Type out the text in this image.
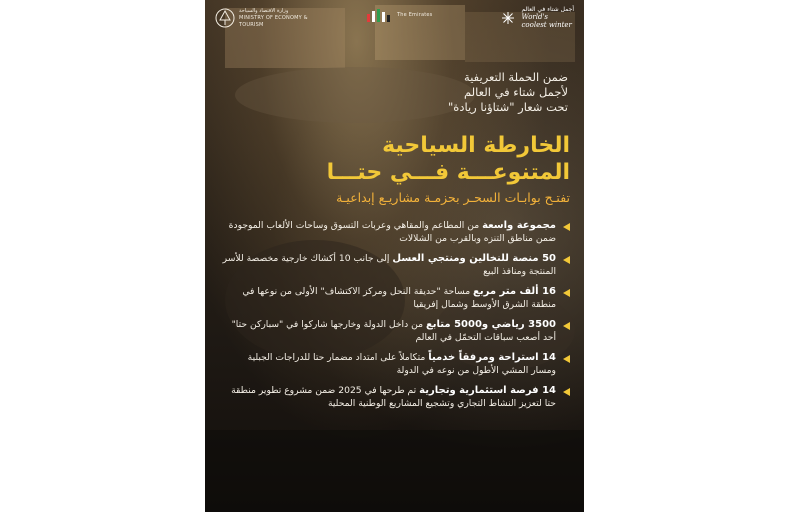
وزارة الاقتصاد والسياحة
MINISTRY OF ECONOMY & TOURISM
The Emirates
أجمل شتاء في العالم
World's
coolest winter
ضمن الحملة التعريفية
لأجمل شتاء في العالم
تحت شعار "شتاؤنا ريادة"
الخارطة السياحية
المتنوعـــة فـــي حتـــا
تفتـح بوابـات السحـر بحزمـة مشاريـع إبداعيـة
مجموعة واسعة من المطاعم والمقاهي وعربات التسوق وساحات الألعاب الموجودة ضمن مناطق التنزه وبالقرب من الشلالات
50 منصة للنخالين ومنتجي العسل إلى جانب 10 أكشاك خارجية مخصصة للأسر المنتجة ومنافذ البيع
16 ألف متر مربع مساحة "حديقة النحل ومركز الاكتشاف" الأولى من نوعها في منطقة الشرق الأوسط وشمال إفريقيا
3500 رياضي و5000 متابع من داخل الدولة وخارجها شاركوا في "سباركن حتا" أحد أصعب سباقات التحمّل في العالم
14 استراحة ومرفقاً خدمياً متكاملاً على امتداد مضمار حتا للدراجات الجبلية ومسار المشي الأطول من نوعه في الدولة
14 فرصة استثمارية وتجارية تم طرحها في 2025 ضمن مشروع تطوير منطقة حتا لتعزيز النشاط التجاري وتشجيع المشاريع الوطنية المحلية
